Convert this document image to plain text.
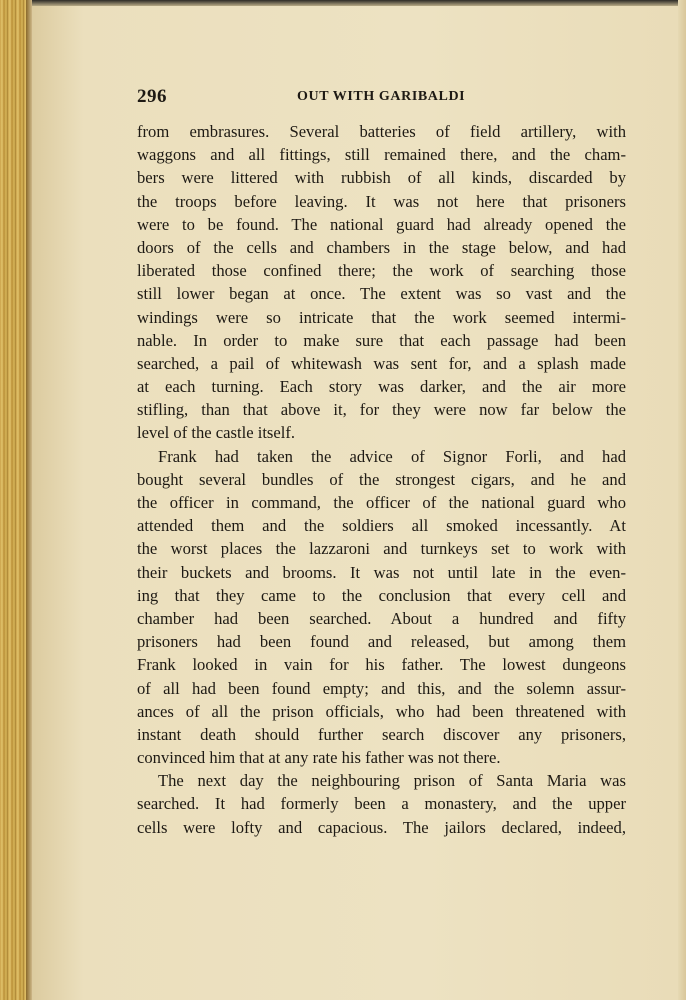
296	OUT WITH GARIBALDI
from embrasures. Several batteries of field artillery, with
waggons and all fittings, still remained there, and the cham-
bers were littered with rubbish of all kinds, discarded by
the troops before leaving. It was not here that prisoners
were to be found. The national guard had already opened the
doors of the cells and chambers in the stage below, and had
liberated those confined there; the work of searching those
still lower began at once. The extent was so vast and the
windings were so intricate that the work seemed intermi-
nable. In order to make sure that each passage had been
searched, a pail of whitewash was sent for, and a splash made
at each turning. Each story was darker, and the air more
stifling, than that above it, for they were now far below the
level of the castle itself.
Frank had taken the advice of Signor Forli, and had
bought several bundles of the strongest cigars, and he and
the officer in command, the officer of the national guard who
attended them and the soldiers all smoked incessantly. At
the worst places the lazzaroni and turnkeys set to work with
their buckets and brooms. It was not until late in the even-
ing that they came to the conclusion that every cell and
chamber had been searched. About a hundred and fifty
prisoners had been found and released, but among them
Frank looked in vain for his father. The lowest dungeons
of all had been found empty; and this, and the solemn assur-
ances of all the prison officials, who had been threatened with
instant death should further search discover any prisoners,
convinced him that at any rate his father was not there.
The next day the neighbouring prison of Santa Maria was
searched. It had formerly been a monastery, and the upper
cells were lofty and capacious. The jailors declared, indeed,
